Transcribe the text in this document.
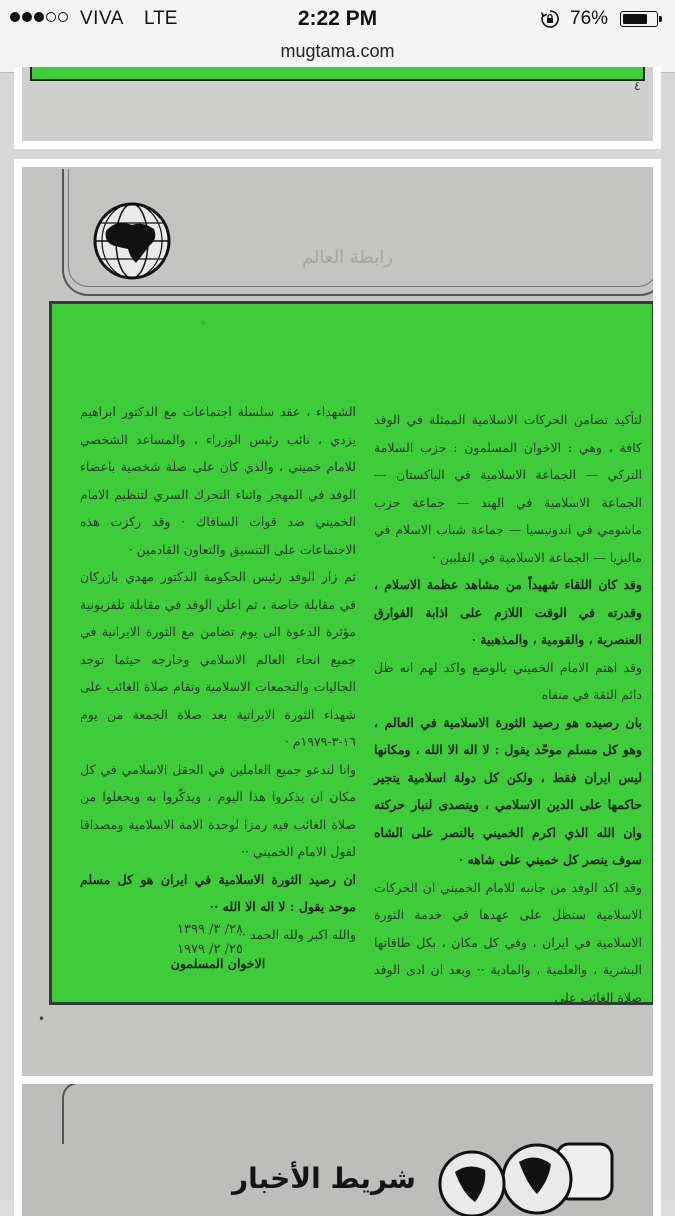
VIVA LTE	2:22 PM	76%
mugtama.com
٤
رابطة العالم

لتأكيد تضامن الحركات الاسلامية الممثلة في الوفد كافة ، وهي : الاخوان المسلمون : حزب السلامة التركي — الجماعة الاسلامية في الباكستان — الجماعة الاسلامية في الهند — جماعة حزب ماشومي في اندونيسيا — جماعة شباب الاسلام في ماليزيا — الجماعة الاسلامية في الفلبين ·

وقد كان اللقاء شهيداً من مشاهد عظمة الاسلام ، وقدرته في الوقت اللازم على اذابة الفوارق العنصرية ، والقومية ، والمذهبية ·

وقد اهتم الامام الخميني بالوضع واكد لهم انه ظل دائم الثقة في منفاه

بان رصيده هو رصيد الثورة الاسلامية في العالم ، وهو كل مسلم موحّد يقول : لا اله الا الله ، ومكانها ليس ايران فقط ، ولكن كل دولة اسلامية يتجير حاكمها على الدين الاسلامي ، ويتصدى لنبار حركته وان الله الذي اكرم الخميني بالنصر على الشاه سوف ينصر كل خميني على شاهه ·

وقد اكد الوفد من جانبه للامام الخميني ان الحركات الاسلامية ستظل على عهدها في خدمة الثورة الاسلامية في ايران ، وفي كل مكان ، بكل طاقاتها البشرية ، والعلمية ، والمادية ·· وبعد ان ادى الوفد صلاة الغائب على

الشهداء ، عقد سلسلة اجتماعات مع الدكتور ابراهيم يزدي ، نائب رئيس الوزراء ، والمساعد الشخصي للامام خميني ، والذي كان على صلة شخصية باعضاء الوفد في المهجر واثناء التحرك السري لتنظيم الامام الخميني ضد قوات السافاك · وقد ركزت هذه الاجتماعات على التنسيق والتعاون القادمين ·

ثم زار الوفد رئيس الحكومة الدكتور مهدي بازركان في مقابلة خاصة ، ثم اعلن الوفد في مقابلة تلفزيونية مؤثرة الدعوة الى يوم تضامن مع الثورة الايرانية في جميع انحاء العالم الاسلامي وخارجه حيثما توجد الجاليات والتجمعات الاسلامية وتقام صلاة الغائب على شهداء الثورة الايرانية بعد صلاة الجمعة من يوم ١٦-٣-١٩٧٩م ·

وانا لندعو جميع العاملين في الحقل الاسلامي في كل مكان ان يذكروا هذا اليوم ، ويذكّروا به ويجعلوا من صلاة الغائب فيه رمزا لوحدة الامة الاسلامية ومصداقا لقول الامام الخميني ··

ان رصيد الثورة الاسلامية في ايران هو كل مسلم موحد يقول : لا اله الا الله ··

والله اكبر ولله الحمد ··

الاخوان المسلمون

٢٨/ ٣/ ١٣٩٩
٢٥/ ٢/ ١٩٧٩
◦
•
شريط الأخبار
